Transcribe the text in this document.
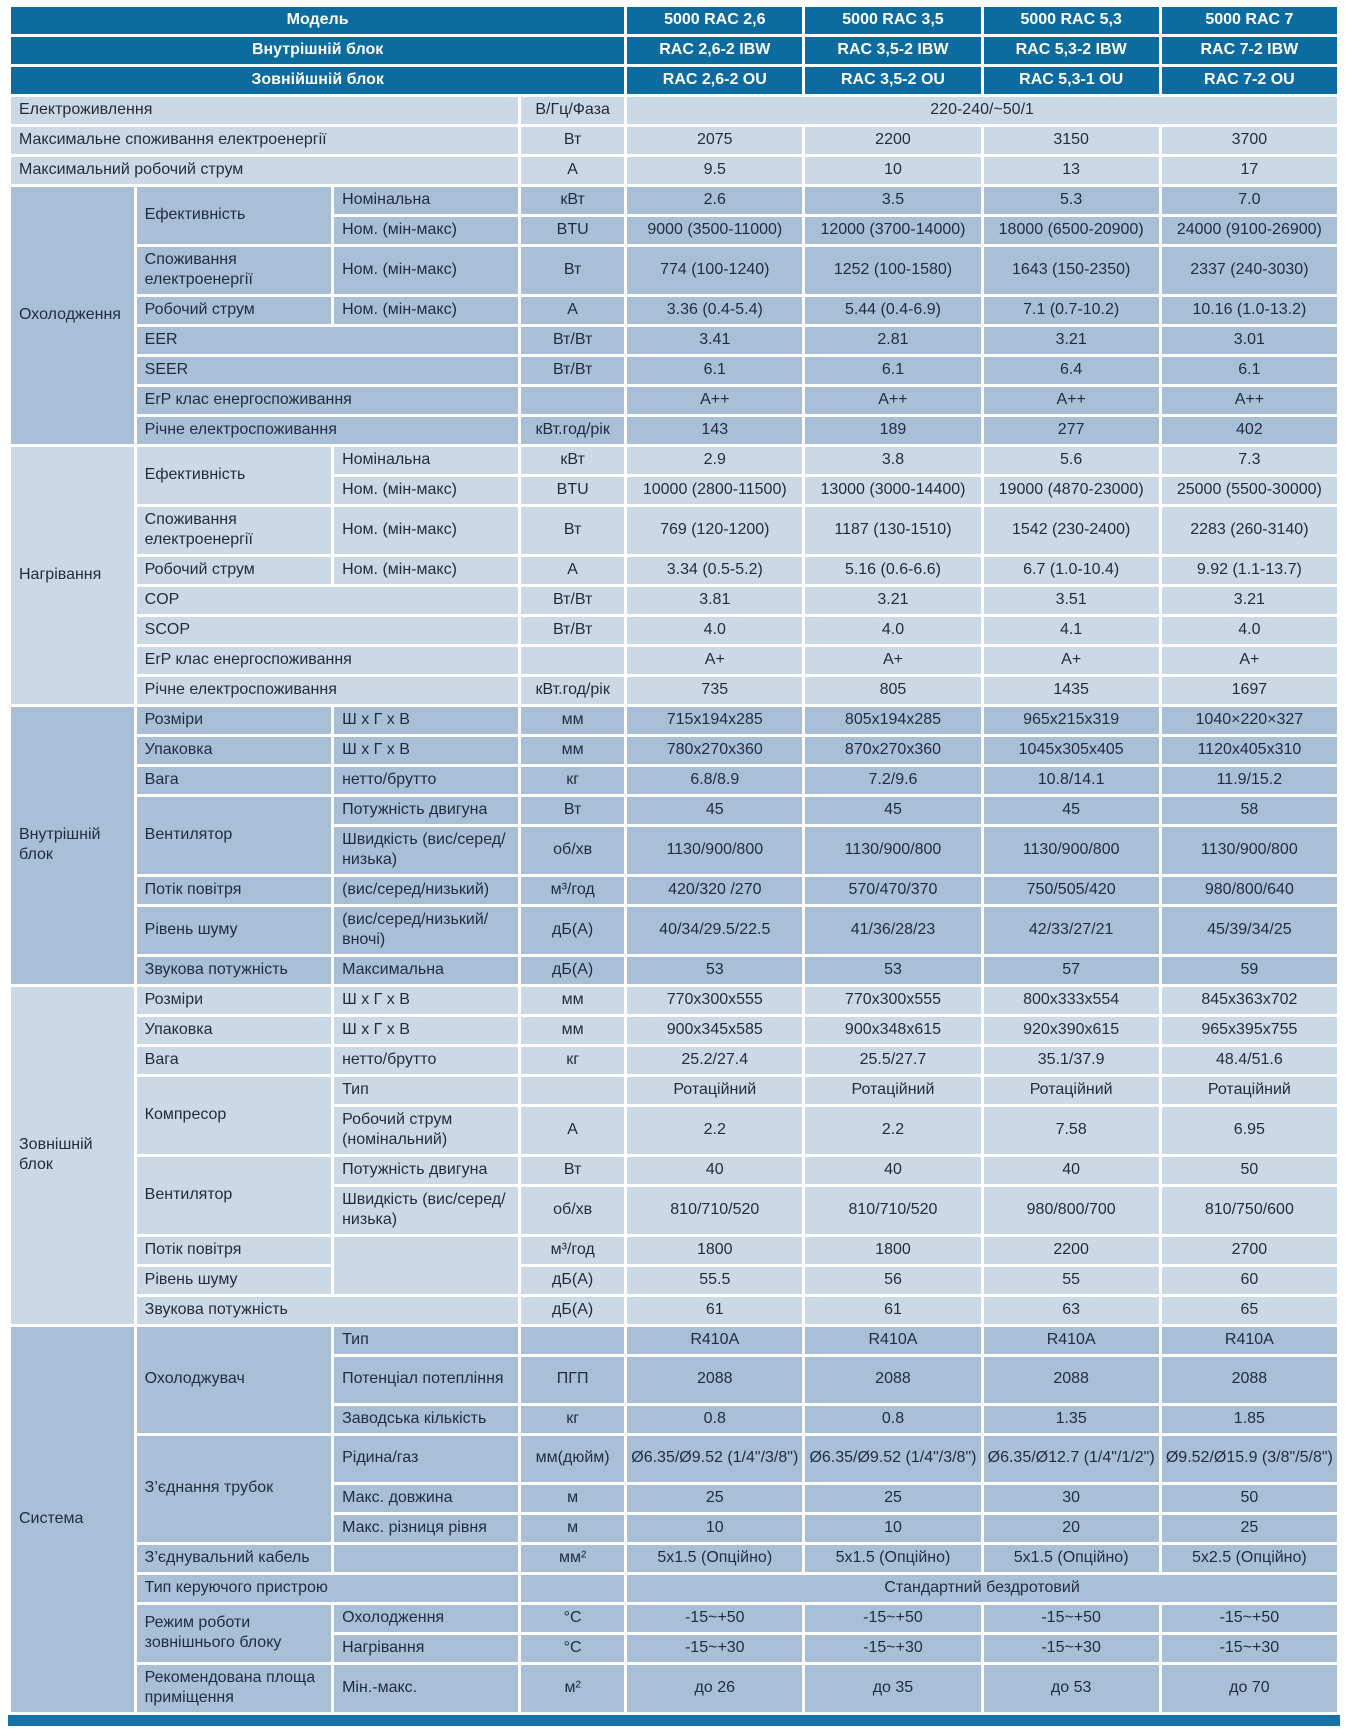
Модель				5000 RAC 2,6	5000 RAC 3,5	5000 RAC 5,3	5000 RAC 7
Внутрішній блок				RAC 2,6-2 IBW	RAC 3,5-2 IBW	RAC 5,3-2 IBW	RAC 7-2 IBW
Зовнійшній блок				RAC 2,6-2 OU	RAC 3,5-2 OU	RAC 5,3-1 OU	RAC 7-2 OU
Електроживлення			В/Гц/Фаза	220-240/~50/1			
Максимальне споживання електроенергії			Вт	2075	2200	3150	3700
Максимальний робочий струм			А	9.5	10	13	17
Охолодження	Ефективність	Номінальна	кВт	2.6	3.5	5.3	7.0
		Ном. (мін-макс)	BTU	9000 (3500-11000)	12000 (3700-14000)	18000 (6500-20900)	24000 (9100-26900)
	Споживання електроенергії	Ном. (мін-макс)	Вт	774 (100-1240)	1252 (100-1580)	1643 (150-2350)	2337 (240-3030)
	Робочий струм	Ном. (мін-макс)	А	3.36 (0.4-5.4)	5.44 (0.4-6.9)	7.1 (0.7-10.2)	10.16 (1.0-13.2)
	EER		Вт/Вт	3.41	2.81	3.21	3.01
	SEER		Вт/Вт	6.1	6.1	6.4	6.1
	ErP клас енергоспоживання			A++	A++	A++	A++
	Річне електроспоживання		кВт.год/рік	143	189	277	402
Нагрівання	Ефективність	Номінальна	кВт	2.9	3.8	5.6	7.3
		Ном. (мін-макс)	BTU	10000 (2800-11500)	13000 (3000-14400)	19000 (4870-23000)	25000 (5500-30000)
	Споживання електроенергії	Ном. (мін-макс)	Вт	769 (120-1200)	1187 (130-1510)	1542 (230-2400)	2283 (260-3140)
	Робочий струм	Ном. (мін-макс)	А	3.34 (0.5-5.2)	5.16 (0.6-6.6)	6.7 (1.0-10.4)	9.92 (1.1-13.7)
	COP		Вт/Вт	3.81	3.21	3.51	3.21
	SCOP		Вт/Вт	4.0	4.0	4.1	4.0
	ErP клас енергоспоживання			A+	A+	A+	A+
	Річне електроспоживання		кВт.год/рік	735	805	1435	1697
Внутрішній блок	Розміри	Ш х Г х В	мм	715x194x285	805x194x285	965x215x319	1040×220×327
	Упаковка	Ш х Г х В	мм	780x270x360	870x270x360	1045x305x405	1120x405x310
	Вага	нетто/брутто	кг	6.8/8.9	7.2/9.6	10.8/14.1	11.9/15.2
	Вентилятор	Потужність двигуна	Вт	45	45	45	58
		Швидкість (вис/серед/низька)	об/хв	1130/900/800	1130/900/800	1130/900/800	1130/900/800
	Потік повітря	(вис/серед/низький)	м³/год	420/320 /270	570/470/370	750/505/420	980/800/640
	Рівень шуму	(вис/серед/низький/ вночі)	дБ(А)	40/34/29.5/22.5	41/36/28/23	42/33/27/21	45/39/34/25
	Звукова потужність	Максимальна	дБ(А)	53	53	57	59
Зовнішній блок	Розміри	Ш х Г х В	мм	770x300x555	770x300x555	800x333x554	845x363x702
	Упаковка	Ш х Г х В	мм	900x345x585	900x348x615	920x390x615	965x395x755
	Вага	нетто/брутто	кг	25.2/27.4	25.5/27.7	35.1/37.9	48.4/51.6
	Компресор	Тип		Ротаційний	Ротаційний	Ротаційний	Ротаційний
		Робочий струм (номінальний)	А	2.2	2.2	7.58	6.95
	Вентилятор	Потужність двигуна	Вт	40	40	40	50
		Швидкість (вис/серед/низька)	об/хв	810/710/520	810/710/520	980/800/700	810/750/600
	Потік повітря		м³/год	1800	1800	2200	2700
	Рівень шуму		дБ(А)	55.5	56	55	60
	Звукова потужність		дБ(А)	61	61	63	65
Система	Охолоджувач	Тип		R410A	R410A	R410A	R410A
		Потенціал потепління	ПГП	2088	2088	2088	2088
		Заводська кількість	кг	0.8	0.8	1.35	1.85
	З’єднання трубок	Рідина/газ	мм(дюйм)	Ø6.35/Ø9.52 (1/4"/3/8")	Ø6.35/Ø9.52 (1/4"/3/8")	Ø6.35/Ø12.7 (1/4"/1/2")	Ø9.52/Ø15.9 (3/8"/5/8")
		Макс. довжина	м	25	25	30	50
		Макс. різниця рівня	м	10	10	20	25
	З’єднувальний кабель		мм²	5x1.5 (Опційно)	5x1.5 (Опційно)	5x1.5 (Опційно)	5x2.5 (Опційно)
	Тип керуючого пристрою			Стандартний бездротовий			
	Режим роботи зовнішнього блоку	Охолодження	°C	-15~+50	-15~+50	-15~+50	-15~+50
		Нагрівання	°C	-15~+30	-15~+30	-15~+30	-15~+30
	Рекомендована площа приміщення	Мін.-макс.	м²	до 26	до 35	до 53	до 70
